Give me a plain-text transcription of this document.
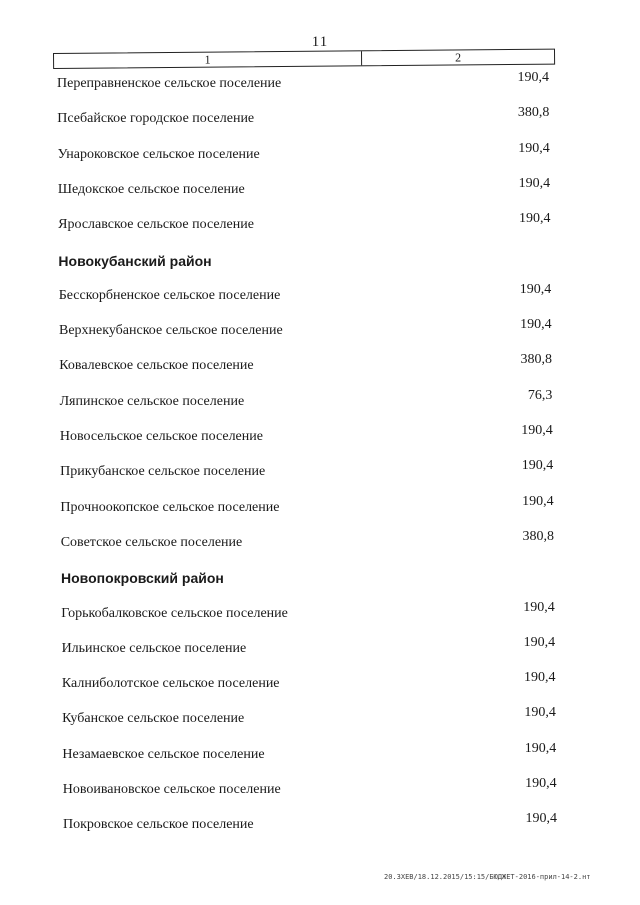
11
1	2
Переправненское сельское поселение	190,4
Псебайское городское поселение	380,8
Унароковское сельское поселение	190,4
Шедокское сельское поселение	190,4
Ярославское сельское поселение	190,4
Новокубанский район
Бесскорбненское сельское поселение	190,4
Верхнекубанское сельское поселение	190,4
Ковалевское сельское поселение	380,8
Ляпинское сельское поселение	76,3
Новосельское сельское поселение	190,4
Прикубанское сельское поселение	190,4
Прочноокопское сельское поселение	190,4
Советское сельское поселение	380,8
Новопокровский район
Горькобалковское сельское поселение	190,4
Ильинское сельское поселение	190,4
Калниболотское сельское поселение	190,4
Кубанское сельское поселение	190,4
Незамаевское сельское поселение	190,4
Новоивановское сельское поселение	190,4
Покровское сельское поселение	190,4
20.3ХЕВ/18.12.2015/15:15/БЮДЖЕТ-2016-прил-14-2.нт
